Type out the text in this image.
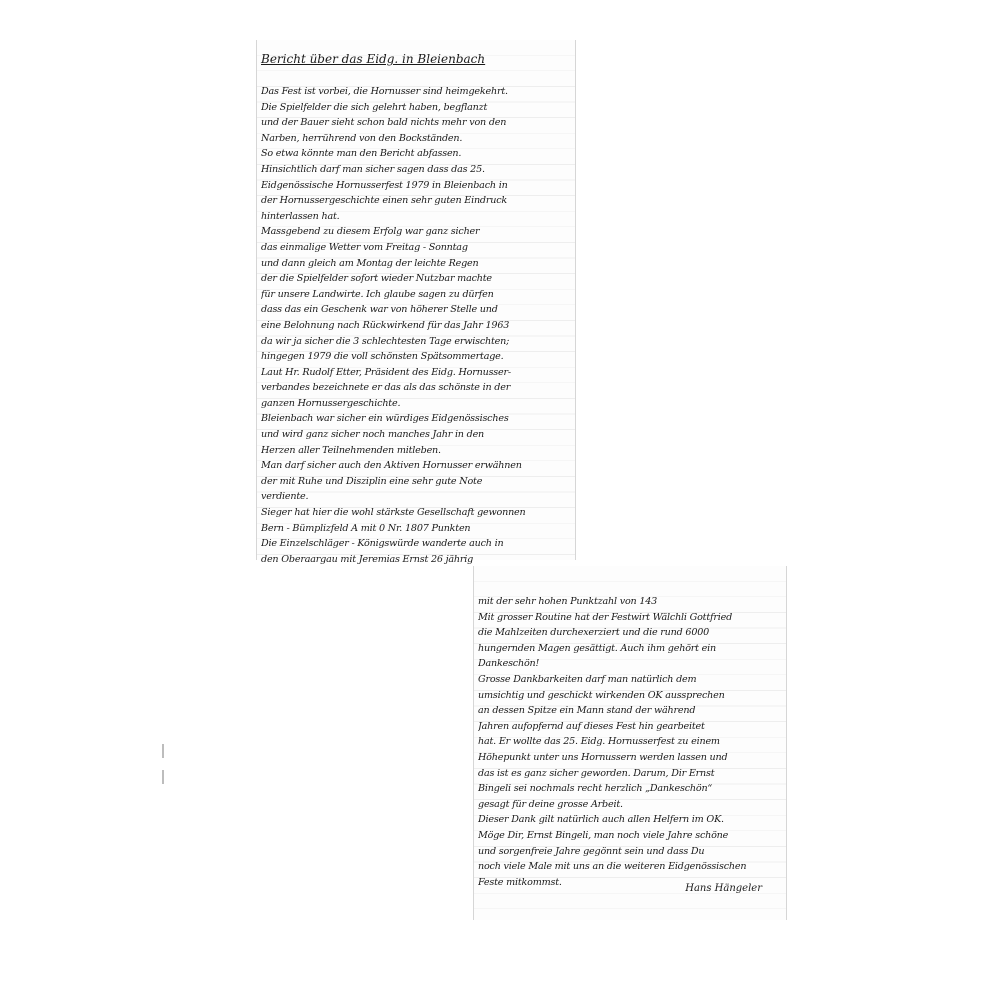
Bericht über das Eidg. in Bleienbach
Das Fest ist vorbei, die Hornusser sind heimgekehrt.
Die Spielfelder die sich gelehrt haben, begflanzt
und der Bauer sieht schon bald nichts mehr von den
Narben, herrührend von den Bockständen.
So etwa könnte man den Bericht abfassen.
Hinsichtlich darf man sicher sagen dass das 25.
Eidgenössische Hornusserfest 1979 in Bleienbach in
der Hornussergeschichte einen sehr guten Eindruck
hinterlassen hat.
Massgebend zu diesem Erfolg war ganz sicher
das einmalige Wetter vom Freitag - Sonntag
und dann gleich am Montag der leichte Regen
der die Spielfelder sofort wieder Nutzbar machte
für unsere Landwirte. Ich glaube sagen zu dürfen
dass das ein Geschenk war von höherer Stelle und
eine Belohnung nach Rückwirkend für das Jahr 1963
da wir ja sicher die 3 schlechtesten Tage erwischten;
hingegen 1979 die voll schönsten Spätsommertage.
Laut Hr. Rudolf Etter, Präsident des Eidg. Hornusser-
verbandes bezeichnete er das als das schönste in der
ganzen Hornussergeschichte.
Bleienbach war sicher ein würdiges Eidgenössisches
und wird ganz sicher noch manches Jahr in den
Herzen aller Teilnehmenden mitleben.
Man darf sicher auch den Aktiven Hornusser erwähnen
der mit Ruhe und Disziplin eine sehr gute Note
verdiente.
Sieger hat hier die wohl stärkste Gesellschaft gewonnen
Bern - Bümplizfeld A mit 0 Nr. 1807 Punkten
Die Einzelschläger - Königswürde wanderte auch in
den Oberaargau mit Jeremias Ernst 26 jährig
mit der sehr hohen Punktzahl von 143
Mit grosser Routine hat der Festwirt Wälchli Gottfried
die Mahlzeiten durchexerziert und die rund 6000
hungernden Magen gesättigt. Auch ihm gehört ein
Dankeschön!
Grosse Dankbarkeiten darf man natürlich dem
umsichtig und geschickt wirkenden OK aussprechen
an dessen Spitze ein Mann stand der während
Jahren aufopfernd auf dieses Fest hin gearbeitet
hat. Er wollte das 25. Eidg. Hornusserfest zu einem
Höhepunkt unter uns Hornussern werden lassen und
das ist es ganz sicher geworden. Darum, Dir Ernst
Bingeli sei nochmals recht herzlich „Dankeschön“
gesagt für deine grosse Arbeit.
Dieser Dank gilt natürlich auch allen Helfern im OK.
Möge Dir, Ernst Bingeli, man noch viele Jahre schöne
und sorgenfreie Jahre gegönnt sein und dass Du
noch viele Male mit uns an die weiteren Eidgenössischen
Feste mitkommst.
Hans Hängeler
